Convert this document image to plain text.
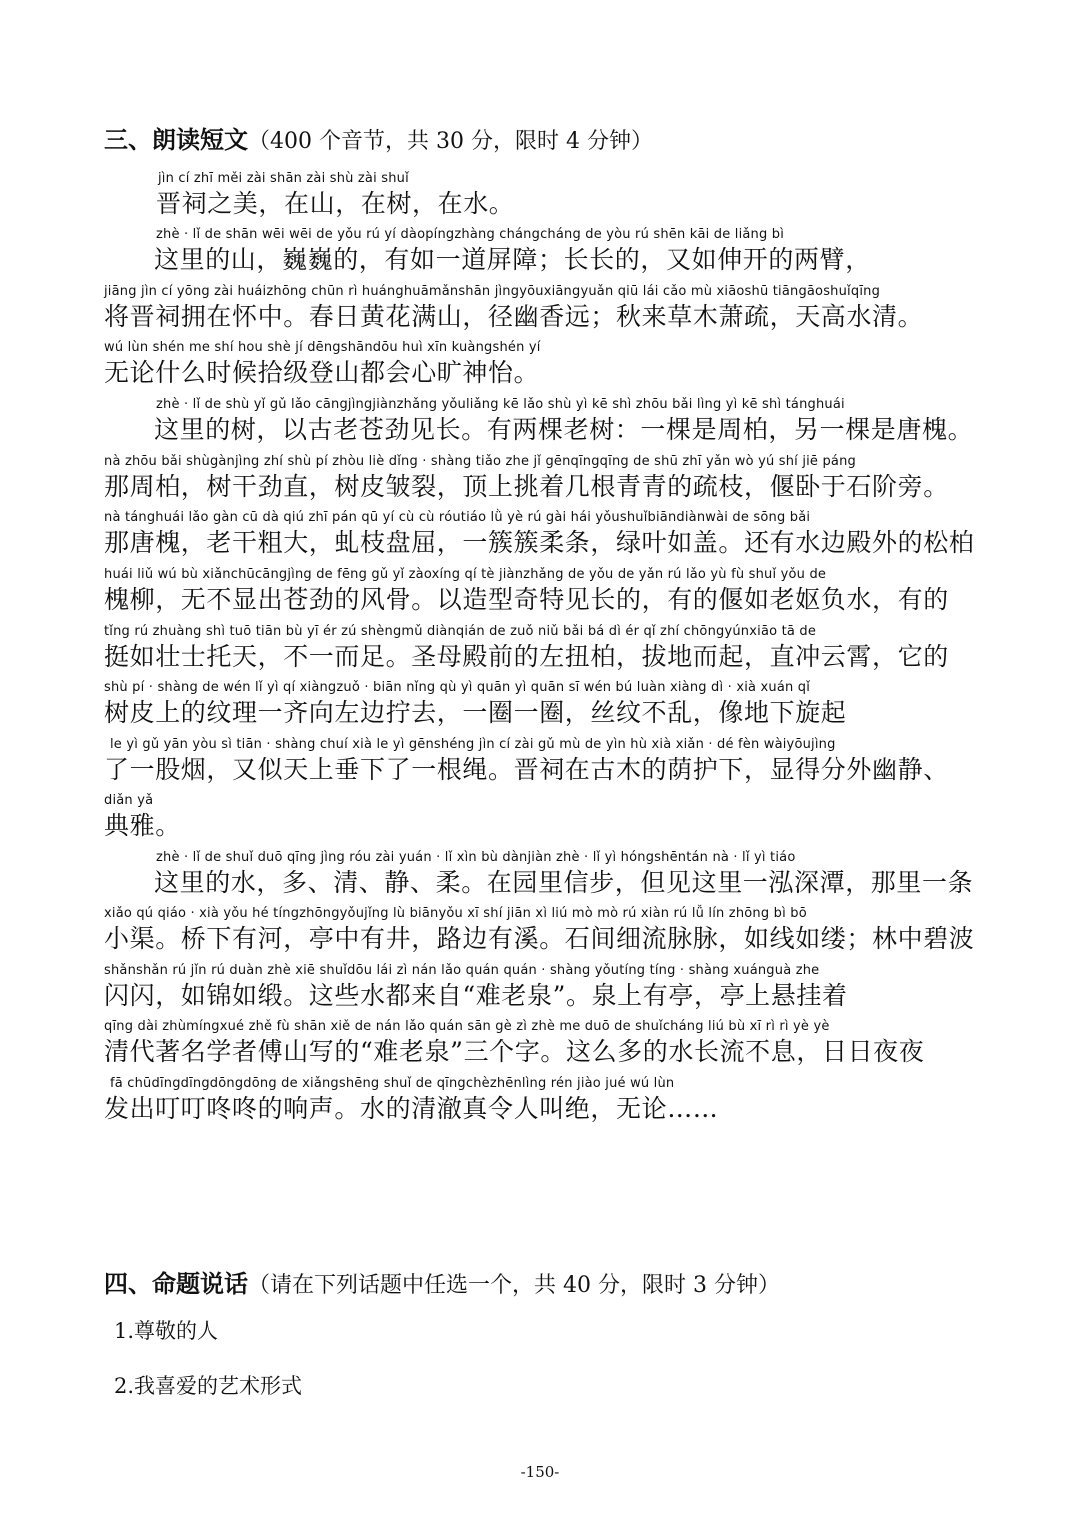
三、朗读短文（400 个音节，共 30 分，限时 4 分钟）
jìn cí zhī měi zài shān zài shù zài shuǐ
晋祠之美，在山，在树，在水。
zhè · lǐ de shān wēi wēi de yǒu rú yí dàopíngzhàng chángcháng de yòu rú shēn kāi de liǎng bì
这里的山，巍巍的，有如一道屏障；长长的，又如伸开的两臂，
jiāng jìn cí yōng zài huáizhōng chūn rì huánghuāmǎnshān jìngyōuxiāngyuǎn qiū lái cǎo mù xiāoshū tiāngāoshuǐqīng
将晋祠拥在怀中。春日黄花满山，径幽香远；秋来草木萧疏，天高水清。
wú lùn shén me shí hou shè jí dēngshāndōu huì xīn kuàngshén yí
无论什么时候拾级登山都会心旷神怡。
zhè · lǐ de shù yǐ gǔ lǎo cāngjìngjiànzhǎng yǒuliǎng kē lǎo shù yì kē shì zhōu bǎi lìng yì kē shì tánghuái
这里的树，以古老苍劲见长。有两棵老树：一棵是周柏，另一棵是唐槐。
nà zhōu bǎi shùgànjìng zhí shù pí zhòu liè dǐng · shàng tiǎo zhe jǐ gēnqīngqīng de shū zhī yǎn wò yú shí jiē páng
那周柏，树干劲直，树皮皱裂，顶上挑着几根青青的疏枝，偃卧于石阶旁。
nà tánghuái lǎo gàn cū dà qiú zhī pán qū yí cù cù róutiáo lǜ yè rú gài hái yǒushuǐbiāndiànwài de sōng bǎi
那唐槐，老干粗大，虬枝盘屈，一簇簇柔条，绿叶如盖。还有水边殿外的松柏
huái liǔ wú bù xiǎnchūcāngjìng de fēng gǔ yǐ zàoxíng qí tè jiànzhǎng de yǒu de yǎn rú lǎo yù fù shuǐ yǒu de
槐柳，无不显出苍劲的风骨。以造型奇特见长的，有的偃如老妪负水，有的
tǐng rú zhuàng shì tuō tiān bù yī ér zú shèngmǔ diànqián de zuǒ niǔ bǎi bá dì ér qǐ zhí chōngyúnxiāo tā de
挺如壮士托天，不一而足。圣母殿前的左扭柏，拔地而起，直冲云霄，它的
shù pí · shàng de wén lǐ yì qí xiàngzuǒ · biān nǐng qù yì quān yì quān sī wén bú luàn xiàng dì · xià xuán qǐ
树皮上的纹理一齐向左边拧去，一圈一圈，丝纹不乱，像地下旋起
le yì gǔ yān yòu sì tiān · shàng chuí xià le yì gēnshéng jìn cí zài gǔ mù de yìn hù xià xiǎn · dé fèn wàiyōujìng
了一股烟，又似天上垂下了一根绳。晋祠在古木的荫护下，显得分外幽静、
diǎn yǎ
典雅。
zhè · lǐ de shuǐ duō qīng jìng róu zài yuán · lǐ xìn bù dànjiàn zhè · lǐ yì hóngshēntán nà · lǐ yì tiáo
这里的水，多、清、静、柔。在园里信步，但见这里一泓深潭，那里一条
xiǎo qú qiáo · xià yǒu hé tíngzhōngyǒujǐng lù biānyǒu xī shí jiān xì liú mò mò rú xiàn rú lǚ lín zhōng bì bō
小渠。桥下有河，亭中有井，路边有溪。石间细流脉脉，如线如缕；林中碧波
shǎnshǎn rú jǐn rú duàn zhè xiē shuǐdōu lái zì nán lǎo quán quán · shàng yǒutíng tíng · shàng xuánguà zhe
闪闪，如锦如缎。这些水都来自“难老泉”。泉上有亭，亭上悬挂着
qīng dài zhùmíngxué zhě fù shān xiě de nán lǎo quán sān gè zì zhè me duō de shuǐcháng liú bù xī rì rì yè yè
清代著名学者傅山写的“难老泉”三个字。这么多的水长流不息，日日夜夜
fā chūdīngdīngdōngdōng de xiǎngshēng shuǐ de qīngchèzhēnlìng rén jiào jué wú lùn
发出叮叮咚咚的响声。水的清澈真令人叫绝，无论……
四、命题说话（请在下列话题中任选一个，共 40 分，限时 3 分钟）
1.尊敬的人
2.我喜爱的艺术形式
-150-
